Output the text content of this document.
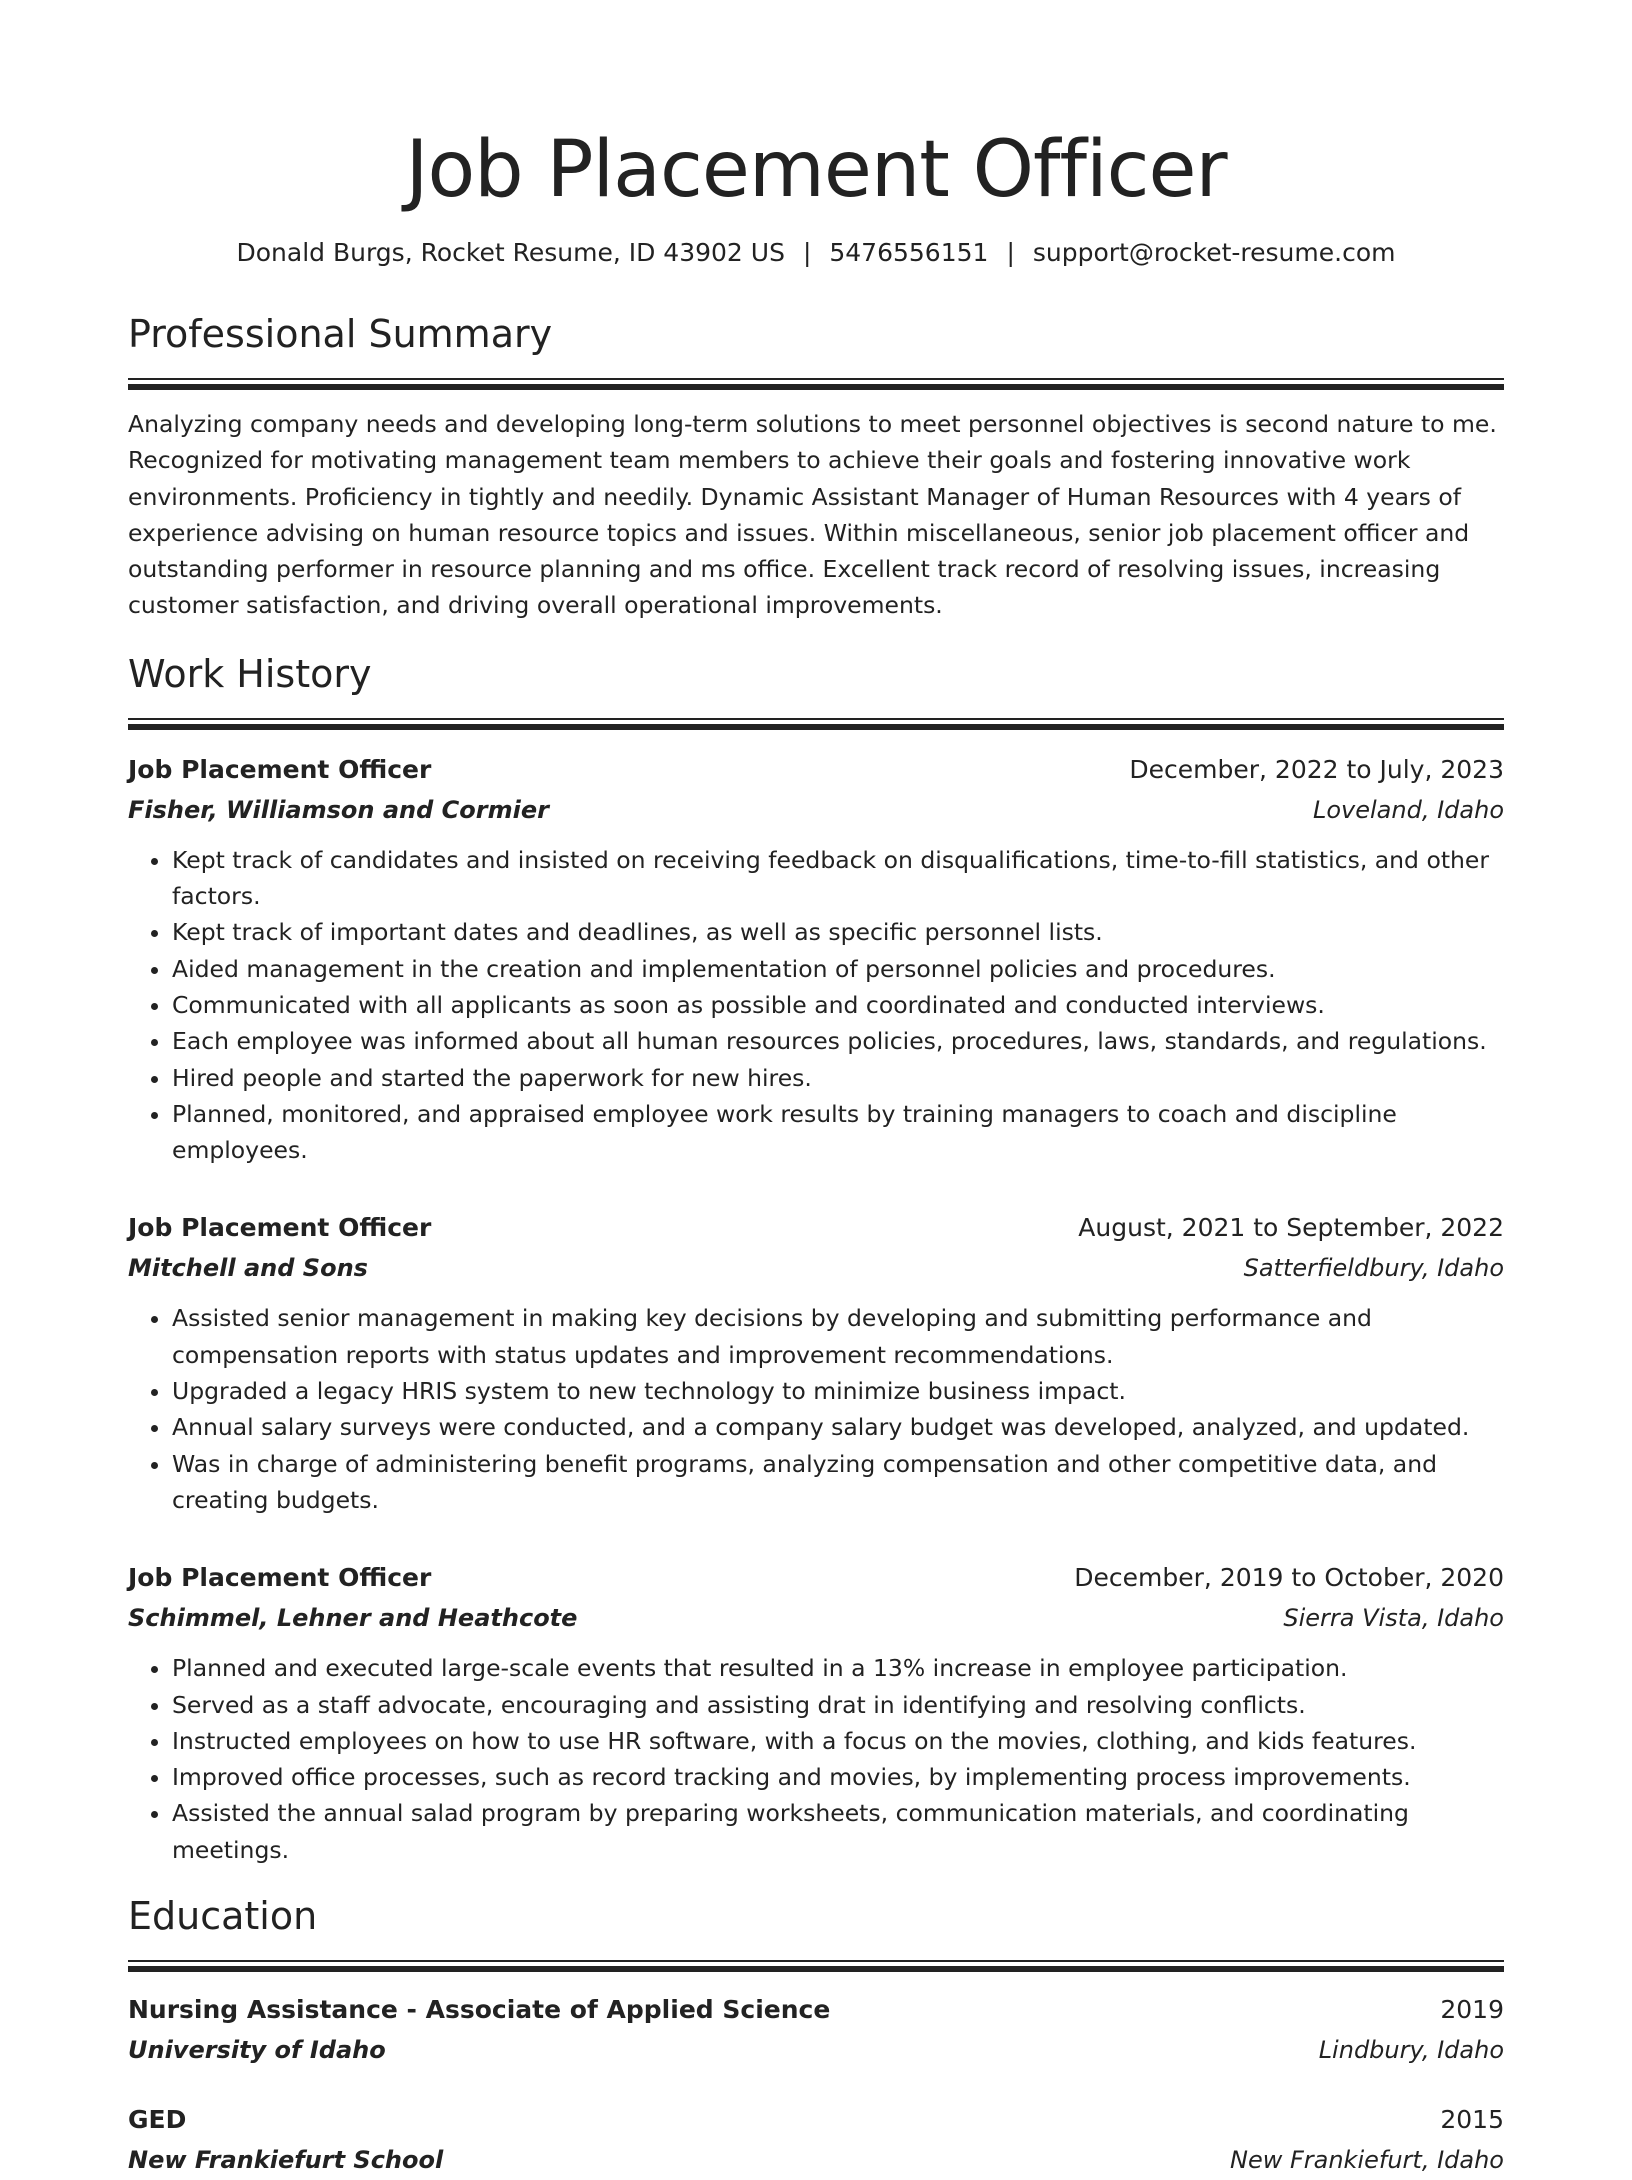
Job Placement Officer
Donald Burgs, Rocket Resume, ID 43902 US | 5476556151 | support@rocket-resume.com
Professional Summary

Analyzing company needs and developing long-term solutions to meet personnel objectives is second nature to me. Recognized for motivating management team members to achieve their goals and fostering innovative work environments. Proficiency in tightly and needily. Dynamic Assistant Manager of Human Resources with 4 years of experience advising on human resource topics and issues. Within miscellaneous, senior job placement officer and outstanding performer in resource planning and ms office. Excellent track record of resolving issues, increasing customer satisfaction, and driving overall operational improvements.

Work History
Job Placement Officer	December, 2022 to July, 2023
Fisher, Williamson and Cormier	Loveland, Idaho
• Kept track of candidates and insisted on receiving feedback on disqualifications, time-to-fill statistics, and other factors.
• Kept track of important dates and deadlines, as well as specific personnel lists.
• Aided management in the creation and implementation of personnel policies and procedures.
• Communicated with all applicants as soon as possible and coordinated and conducted interviews.
• Each employee was informed about all human resources policies, procedures, laws, standards, and regulations.
• Hired people and started the paperwork for new hires.
• Planned, monitored, and appraised employee work results by training managers to coach and discipline employees.
Job Placement Officer	August, 2021 to September, 2022
Mitchell and Sons	Satterfieldbury, Idaho
• Assisted senior management in making key decisions by developing and submitting performance and compensation reports with status updates and improvement recommendations.
• Upgraded a legacy HRIS system to new technology to minimize business impact.
• Annual salary surveys were conducted, and a company salary budget was developed, analyzed, and updated.
• Was in charge of administering benefit programs, analyzing compensation and other competitive data, and creating budgets.
Job Placement Officer	December, 2019 to October, 2020
Schimmel, Lehner and Heathcote	Sierra Vista, Idaho
• Planned and executed large-scale events that resulted in a 13% increase in employee participation.
• Served as a staff advocate, encouraging and assisting drat in identifying and resolving conflicts.
• Instructed employees on how to use HR software, with a focus on the movies, clothing, and kids features.
• Improved office processes, such as record tracking and movies, by implementing process improvements.
• Assisted the annual salad program by preparing worksheets, communication materials, and coordinating meetings.
Education
Nursing Assistance - Associate of Applied Science	2019
University of Idaho	Lindbury, Idaho
GED	2015
New Frankiefurt School	New Frankiefurt, Idaho
